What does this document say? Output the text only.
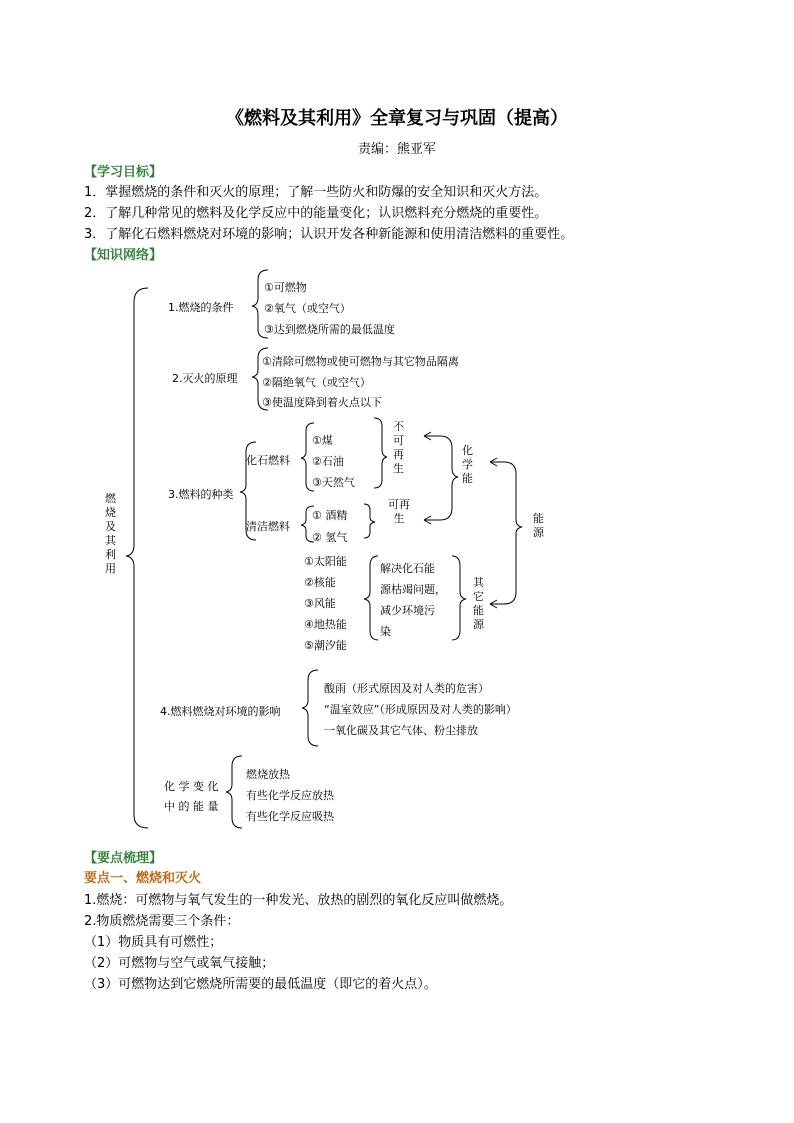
《燃料及其利用》全章复习与巩固（提高）
责编：熊亚军
【学习目标】
1．掌握燃烧的条件和灭火的原理；了解一些防火和防爆的安全知识和灭火方法。
2．了解几种常见的燃料及化学反应中的能量变化；认识燃料充分燃烧的重要性。
3．了解化石燃料燃烧对环境的影响；认识开发各种新能源和使用清洁燃料的重要性。
【知识网络】
燃烧及其利用
1.燃烧的条件
①可燃物
②氧气（或空气）
③达到燃烧所需的最低温度
2.灭火的原理
①清除可燃物或使可燃物与其它物品隔离
②隔绝氧气（或空气）
③使温度降到着火点以下
3.燃料的种类
化石燃料
①煤
②石油
③天然气
不可再生
清洁燃料
① 酒精
② 氢气
可再生
化学能
能源
①太阳能
②核能
③风能
④地热能
⑤潮汐能
解决化石能
源枯竭问题，
减少环境污
染
其它能源
4.燃料燃烧对环境的影响
酸雨（形式原因及对人类的危害）
“温室效应”（形成原因及对人类的影响）
一氧化碳及其它气体、粉尘排放
化 学 变 化
中 的 能 量
燃烧放热
有些化学反应放热
有些化学反应吸热
【要点梳理】
要点一、燃烧和灭火
1.燃烧：可燃物与氧气发生的一种发光、放热的剧烈的氧化反应叫做燃烧。
2.物质燃烧需要三个条件：
（1）物质具有可燃性；
（2）可燃物与空气或氧气接触；
（3）可燃物达到它燃烧所需要的最低温度（即它的着火点）。
